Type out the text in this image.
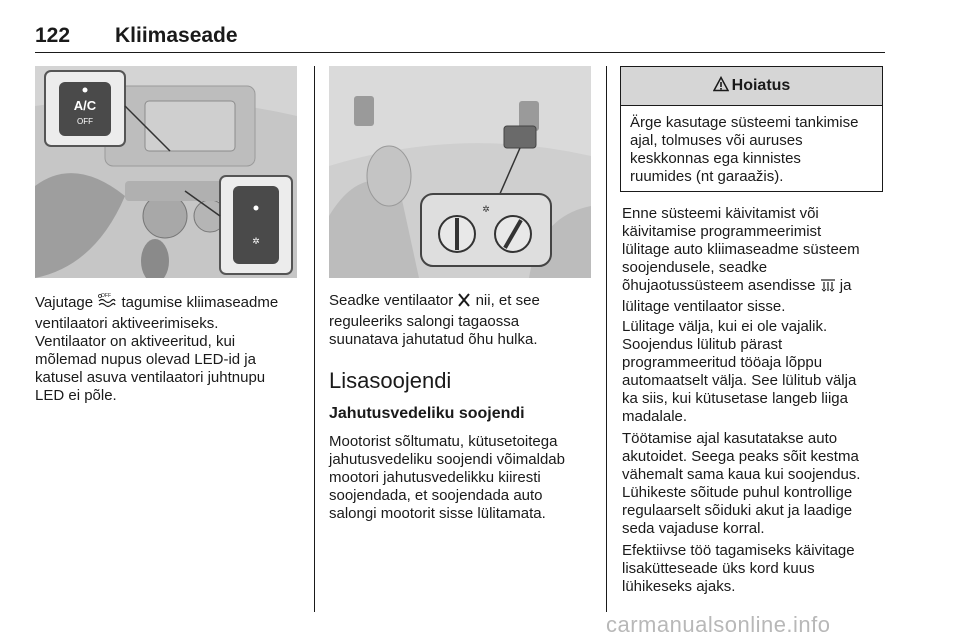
122 Kliimaseade
A/C
OFF
✲
✲
Vajutage OFF tagumise kliimaseadme
ventilaatori aktiveerimiseks.
Ventilaator on aktiveeritud, kui
mõlemad nupus olevad LED-id ja
katusel asuva ventilaatori juhtnupu
LED ei põle.
Seadke ventilaator  nii, et see
reguleeriks salongi tagaossa
suunatava jahutatud õhu hulka.
Lisasoojendi
Jahutusvedeliku soojendi
Mootorist sõltumatu, kütusetoitega
jahutusvedeliku soojendi võimaldab
mootori jahutusvedelikku kiiresti
soojendada, et soojendada auto
salongi mootorit sisse lülitamata.
Hoiatus
Ärge kasutage süsteemi tankimise
ajal, tolmuses või auruses
keskkonnas ega kinnistes
ruumides (nt garaažis).
Enne süsteemi käivitamist või
käivitamise programmeerimist
lülitage auto kliimaseadme süsteem
soojendusele, seadke
õhujaotussüsteem asendisse  ja
lülitage ventilaator sisse.
Lülitage välja, kui ei ole vajalik.
Soojendus lülitub pärast
programmeeritud tööaja lõppu
automaatselt välja. See lülitub välja
ka siis, kui kütusetase langeb liiga
madalale.
Töötamise ajal kasutatakse auto
akutoidet. Seega peaks sõit kestma
vähemalt sama kaua kui soojendus.
Lühikeste sõitude puhul kontrollige
regulaarselt sõiduki akut ja laadige
seda vajaduse korral.
Efektiivse töö tagamiseks käivitage
lisakütteseade üks kord kuus
lühikeseks ajaks.
carmanualsonline.info
